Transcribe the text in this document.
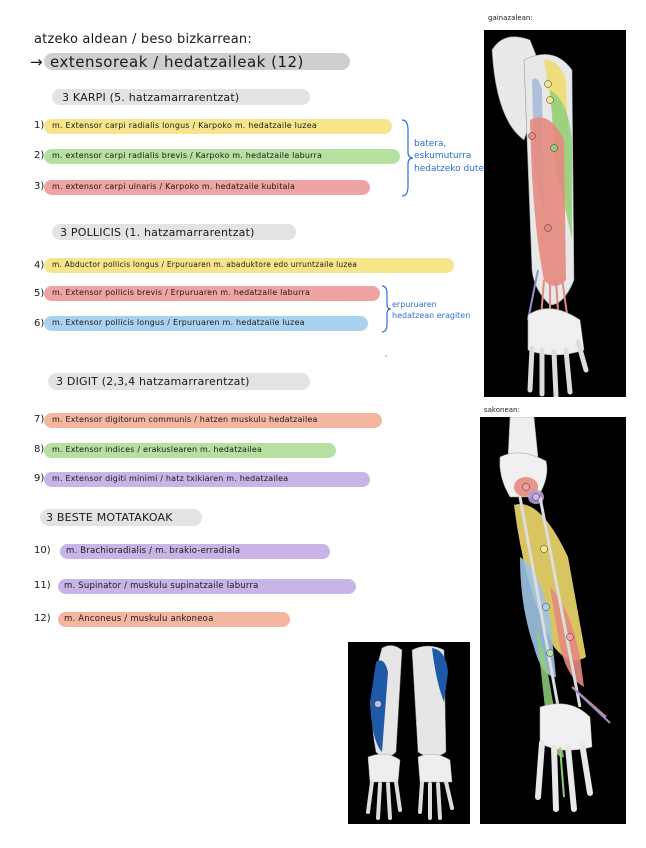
atzeko aldean / beso bizkarrean:
→ extensoreak / hedatzaileak (12)
3 KARPI (5. hatzamarrarentzat)
1) m. Extensor carpi radialis longus / Karpoko m. hedatzaile luzea
2) m. extensor carpi radialis brevis / Karpoko m. hedatzaile laburra
3) m. extensor carpi ulnaris / Karpoko m. hedatzaile kubitala
batera,
eskumuturra
hedatzeko dute
3 POLLICIS (1. hatzamarrarentzat)
4) m. Abductor pollicis longus / Erpuruaren m. abaduktore edo urruntzaile luzea
5) m. Extensor pollicis brevis / Erpuruaren m. hedatzaile laburra
6) m. Extensor pollicis longus / Erpuruaren m. hedatzaile luzea
erpuruaren
hedatzean eragiten
3 DIGIT (2,3,4 hatzamarrarentzat)
7) m. Extensor digitorum communis / hatzen muskulu hedatzailea
8) m. Extensor indices / erakuslearen m. hedatzailea
9) m. Extensor digiti minimi / hatz txikiaren m. hedatzailea
3 BESTE MOTATAKOAK
10) m. Brachioradialis / m. brakio-erradiala
11) m. Supinator / muskulu supinatzaile laburra
12) m. Anconeus / muskulu ankoneoa
gainazalean:
sakonean:
